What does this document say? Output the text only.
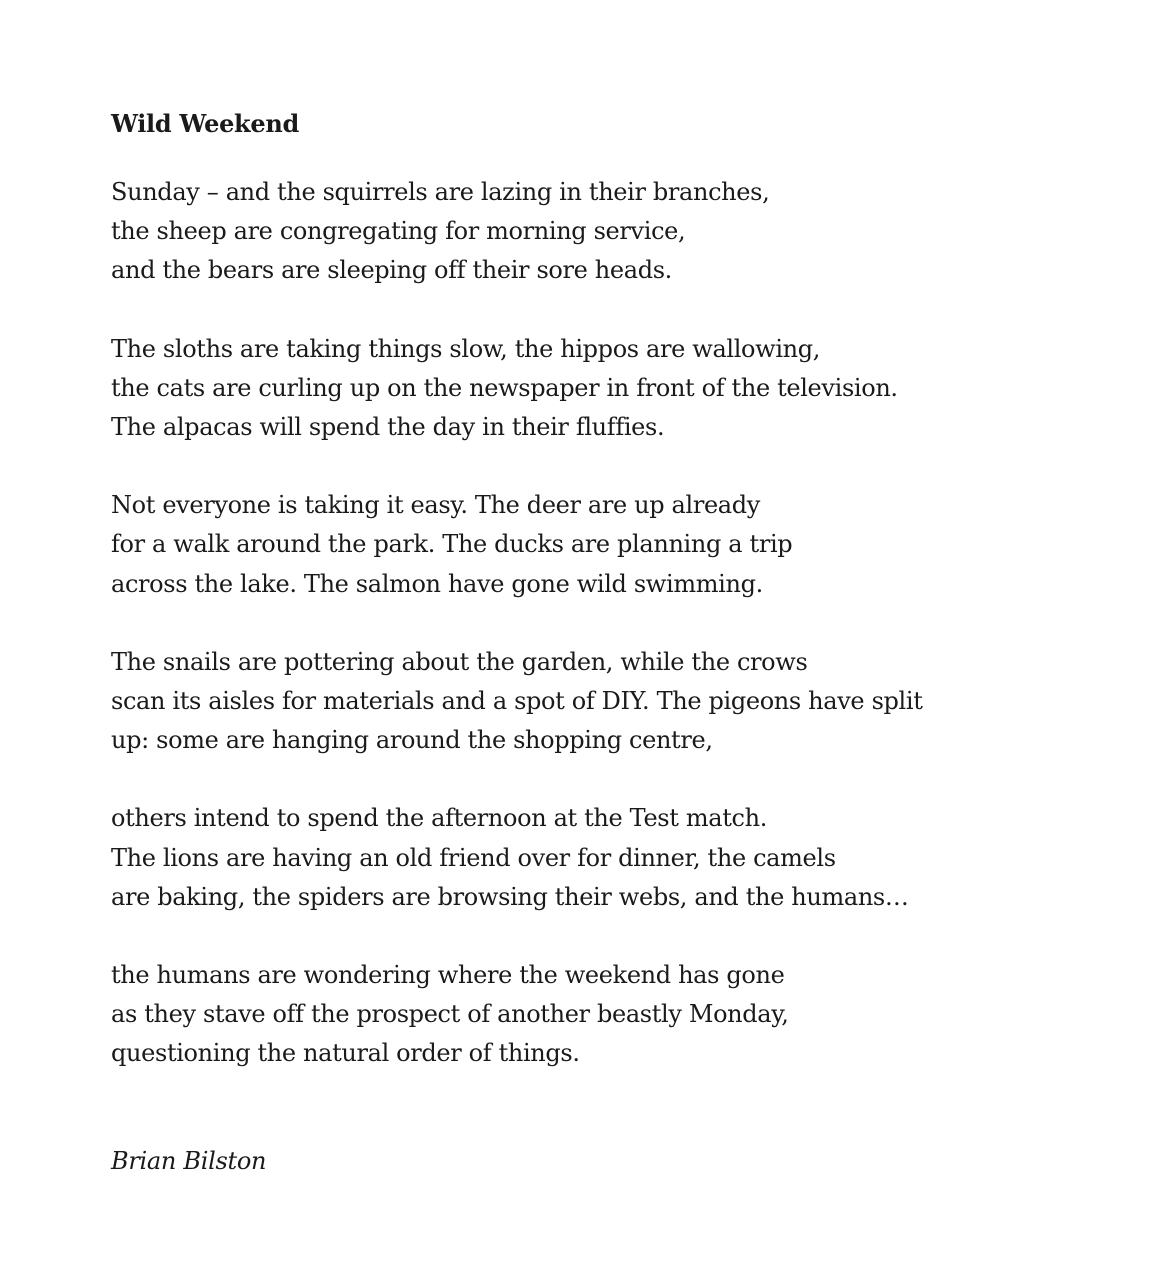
Wild Weekend
Sunday – and the squirrels are lazing in their branches,
the sheep are congregating for morning service,
and the bears are sleeping off their sore heads.
The sloths are taking things slow, the hippos are wallowing,
the cats are curling up on the newspaper in front of the television.
The alpacas will spend the day in their fluffies.
Not everyone is taking it easy. The deer are up already
for a walk around the park. The ducks are planning a trip
across the lake. The salmon have gone wild swimming.
The snails are pottering about the garden, while the crows
scan its aisles for materials and a spot of DIY. The pigeons have split
up: some are hanging around the shopping centre,
others intend to spend the afternoon at the Test match.
The lions are having an old friend over for dinner, the camels
are baking, the spiders are browsing their webs, and the humans…
the humans are wondering where the weekend has gone
as they stave off the prospect of another beastly Monday,
questioning the natural order of things.
Brian Bilston
